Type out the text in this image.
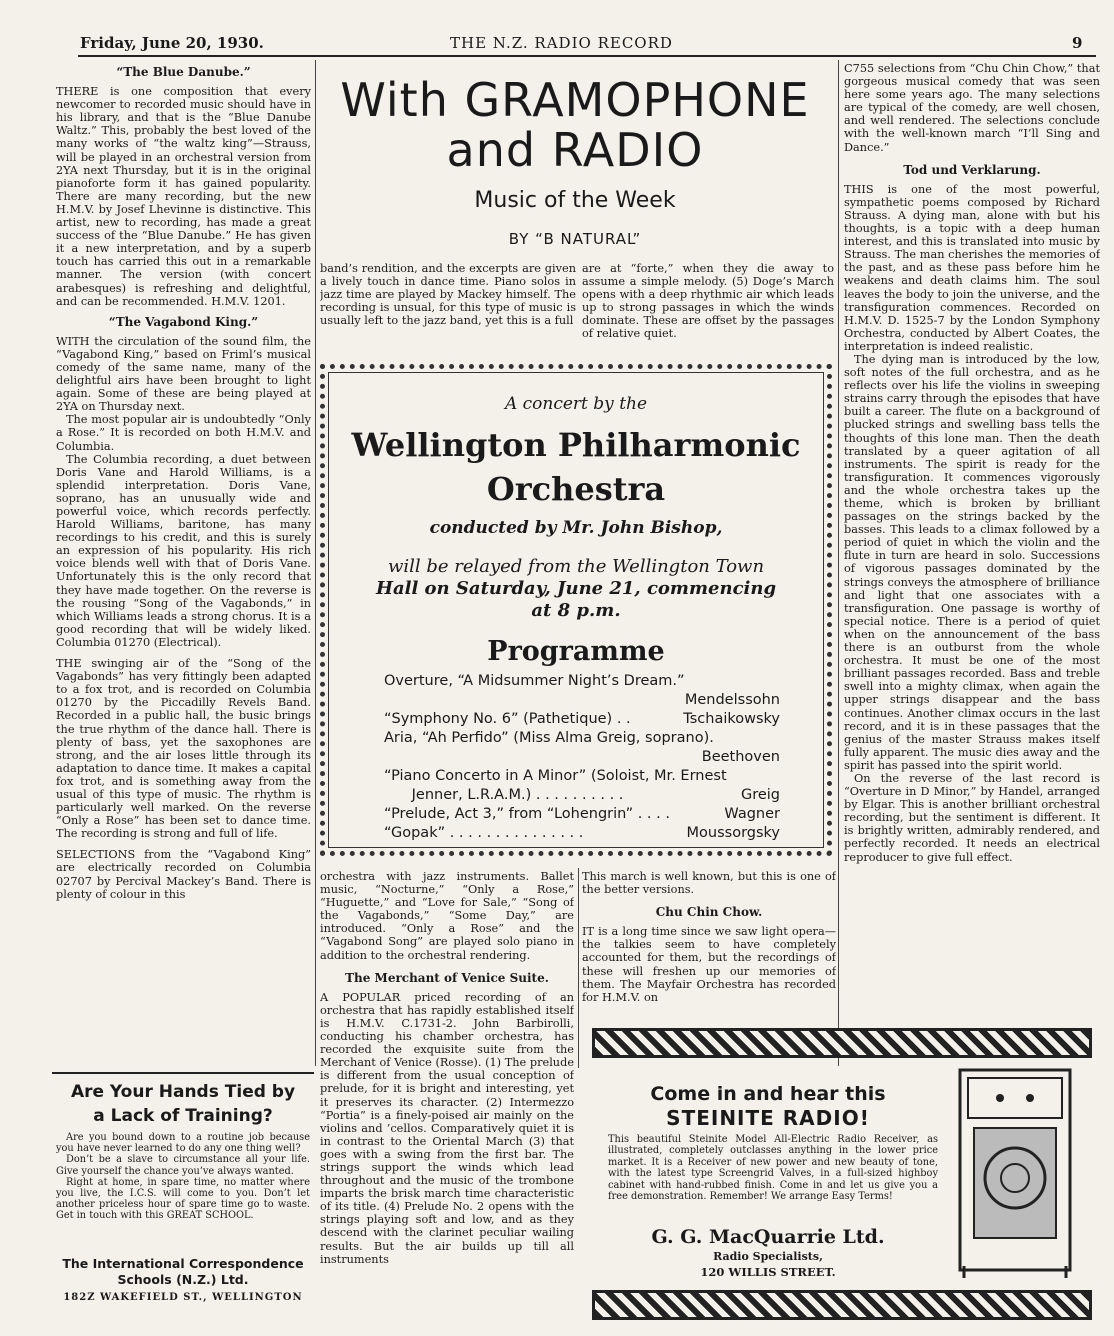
Friday, June 20, 1930.	THE N.Z. RADIO RECORD	9
“The Blue Danube.”

THERE is one composition that every newcomer to recorded music should have in his library, and that is the “Blue Danube Waltz.” This, probably the best loved of the many works of “the waltz king”—Strauss, will be played in an orchestral version from 2YA next Thursday, but it is in the original pianoforte form it has gained popularity. There are many recording, but the new H.M.V. by Josef Lhevinne is distinctive. This artist, new to recording, has made a great success of the “Blue Danube.” He has given it a new interpretation, and by a superb touch has carried this out in a remarkable manner. The version (with concert arabesques) is refreshing and delightful, and can be recommended. H.M.V. 1201.

“The Vagabond King.”

WITH the circulation of the sound film, the “Vagabond King,” based on Friml’s musical comedy of the same name, many of the delightful airs have been brought to light again. Some of these are being played at 2YA on Thursday next.

The most popular air is undoubtedly “Only a Rose.” It is recorded on both H.M.V. and Columbia.

The Columbia recording, a duet between Doris Vane and Harold Williams, is a splendid interpretation. Doris Vane, soprano, has an unusually wide and powerful voice, which records perfectly. Harold Williams, baritone, has many recordings to his credit, and this is surely an expression of his popularity. His rich voice blends well with that of Doris Vane. Unfortunately this is the only record that they have made together. On the reverse is the rousing “Song of the Vagabonds,” in which Williams leads a strong chorus. It is a good recording that will be widely liked. Columbia 01270 (Electrical).

THE swinging air of the “Song of the Vagabonds” has very fittingly been adapted to a fox trot, and is recorded on Columbia 01270 by the Piccadilly Revels Band. Recorded in a public hall, the busic brings the true rhythm of the dance hall. There is plenty of bass, yet the saxophones are strong, and the air loses little through its adaptation to dance time. It makes a capital fox trot, and is something away from the usual of this type of music. The rhythm is particularly well marked. On the reverse “Only a Rose” has been set to dance time. The recording is strong and full of life.

SELECTIONS from the “Vagabond King” are electrically recorded on Columbia 02707 by Percival Mackey’s Band. There is plenty of colour in this

With GRAMOPHONE
and RADIO
Music of the Week
BY “B NATURAL”
band’s rendition, and the excerpts are given a lively touch in dance time. Piano solos in jazz time are played by Mackey himself. The recording is unsual, for this type of music is usually left to the jazz band, yet this is a full
are at “forte,” when they die away to assume a simple melody. (5) Doge’s March opens with a deep rhythmic air which leads up to strong passages in which the winds dominate. These are offset by the passages of relative quiet.
A concert by the
Wellington Philharmonic
Orchestra
conducted by Mr. John Bishop,
will be relayed from the Wellington Town
Hall on Saturday, June 21, commencing
at 8 p.m.
Programme
Overture, “A Midsummer Night’s Dream.”
Mendelssohn
“Symphony No. 6” (Pathetique) . .	Tschaikowsky
Aria, “Ah Perfido” (Miss Alma Greig, soprano).
Beethoven
“Piano Concerto in A Minor” (Soloist, Mr. Ernest
Jenner, L.R.A.M.) . . . . . . . . . .	Greig
“Prelude, Act 3,” from “Lohengrin” . . . .	Wagner
“Gopak” . . . . . . . . . . . . . . .	Moussorgsky

orchestra with jazz instruments. Ballet music, “Nocturne,” “Only a Rose,” “Huguette,” and “Love for Sale,” “Song of the Vagabonds,” “Some Day,” are introduced. “Only a Rose” and the “Vagabond Song” are played solo piano in addition to the orchestral rendering.

The Merchant of Venice Suite.

A POPULAR priced recording of an orchestra that has rapidly established itself is H.M.V. C.1731-2. John Barbirolli, conducting his chamber orchestra, has recorded the exquisite suite from the Merchant of Venice (Rosse). (1) The prelude is different from the usual conception of prelude, for it is bright and interesting, yet it preserves its character. (2) Intermezzo “Portia” is a finely-poised air mainly on the violins and ’cellos. Comparatively quiet it is in contrast to the Oriental March (3) that goes with a swing from the first bar. The strings support the winds which lead throughout and the music of the trombone imparts the brisk march time characteristic of its title. (4) Prelude No. 2 opens with the strings playing soft and low, and as they descend with the clarinet peculiar wailing results. But the air builds up till all instruments

This march is well known, but this is one of the better versions.

Chu Chin Chow.

IT is a long time since we saw light opera—the talkies seem to have completely accounted for them, but the recordings of these will freshen up our memories of them. The Mayfair Orchestra has recorded for H.M.V. on

C755 selections from “Chu Chin Chow,” that gorgeous musical comedy that was seen here some years ago. The many selections are typical of the comedy, are well chosen, and well rendered. The selections conclude with the well-known march “I’ll Sing and Dance.”

Tod und Verklarung.

THIS is one of the most powerful, sympathetic poems composed by Richard Strauss. A dying man, alone with but his thoughts, is a topic with a deep human interest, and this is translated into music by Strauss. The man cherishes the memories of the past, and as these pass before him he weakens and death claims him. The soul leaves the body to join the universe, and the transfiguration commences. Recorded on H.M.V. D. 1525-7 by the London Symphony Orchestra, conducted by Albert Coates, the interpretation is indeed realistic.

The dying man is introduced by the low, soft notes of the full orchestra, and as he reflects over his life the violins in sweeping strains carry through the episodes that have built a career. The flute on a background of plucked strings and swelling bass tells the thoughts of this lone man. Then the death translated by a queer agitation of all instruments. The spirit is ready for the transfiguration. It commences vigorously and the whole orchestra takes up the theme, which is broken by brilliant passages on the strings backed by the basses. This leads to a climax followed by a period of quiet in which the violin and the flute in turn are heard in solo. Successions of vigorous passages dominated by the strings conveys the atmosphere of brilliance and light that one associates with a transfiguration. One passage is worthy of special notice. There is a period of quiet when on the announcement of the bass there is an outburst from the whole orchestra. It must be one of the most brilliant passages recorded. Bass and treble swell into a mighty climax, when again the upper strings disappear and the bass continues. Another climax occurs in the last record, and it is in these passages that the genius of the master Strauss makes itself fully apparent. The music dies away and the spirit has passed into the spirit world.

On the reverse of the last record is “Overture in D Minor,” by Handel, arranged by Elgar. This is another brilliant orchestral recording, but the sentiment is different. It is brightly written, admirably rendered, and perfectly recorded. It needs an electrical reproducer to give full effect.

Are Your Hands Tied by
a Lack of Training?

Are you bound down to a routine job because you have never learned to do any one thing well?

Don’t be a slave to circumstance all your life. Give yourself the chance you’ve always wanted.

Right at home, in spare time, no matter where you live, the I.C.S. will come to you. Don’t let another priceless hour of spare time go to waste. Get in touch with this GREAT SCHOOL.

The International Correspondence
Schools (N.Z.) Ltd.
182Z WAKEFIELD ST., WELLINGTON
Come in and hear this
STEINITE RADIO!
This beautiful Steinite Model All-Electric Radio Receiver, as illustrated, completely outclasses anything in the lower price market. It is a Receiver of new power and new beauty of tone, with the latest type Screengrid Valves, in a full-sized highboy cabinet with hand-rubbed finish. Come in and let us give you a free demonstration. Remember! We arrange Easy Terms!
G. G. MacQuarrie Ltd.
Radio Specialists,
120 WILLIS STREET.
